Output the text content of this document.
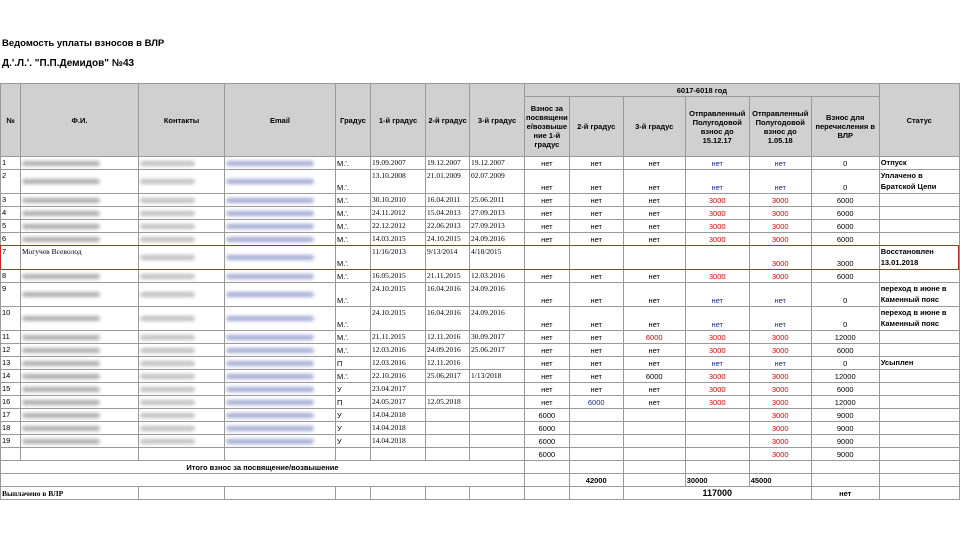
Ведомость уплаты взносов в ВЛР
Д.'.Л.'. "П.П.Демидов" №43
№	Ф.И.	Контакты	Email	Градус	1-й градус	2-й градус	3-й градус	6017-6018 год						Статус
								Взнос за посвящени е/возвыше ние 1-й градус	2-й градус	3-й градус	Отправленный Полугодовой взнос до 15.12.17	Отправленный Полугодовой взнос до 1.05.18	Взнос для перечисления в ВЛР	
1				М.'.	19.09.2007	19.12.2007	19.12.2007	нет	нет	нет	нет	нет	0	Отпуск
2				М.'.	13.10.2008	21.01.2009	02.07.2009	нет	нет	нет	нет	нет	0	Уплачено в Братской Цепи
3				М.'.	30.10.2010	16.04.2011	25.06.2011	нет	нет	нет	3000	3000	6000	
4				М.'.	24.11.2012	15.04.2013	27.09.2013	нет	нет	нет	3000	3000	6000	
5				М.'.	22.12.2012	22.06.2013	27.09.2013	нет	нет	нет	3000	3000	6000	
6				М.'.	14.03.2015	24.10.2015	24.09.2016	нет	нет	нет	3000	3000	6000	
7	Могучев Всеволод			М.'.	11/16/2013	9/13/2014	4/18/2015					3000	3000	Восстановлен 13.01.2018
8				М.'.	16.05.2015	21.11.2015	12.03.2016	нет	нет	нет	3000	3000	6000	
9				М.'.	24.10.2015	16.04.2016	24.09.2016	нет	нет	нет	нет	нет	0	переход в июне в Каменный пояс
10				М.'.	24.10.2015	16.04.2016	24.09.2016	нет	нет	нет	нет	нет	0	переход в июне в Каменный пояс
11				М.'.	21.11.2015	12.11.2016	30.09.2017	нет	нет	6000	3000	3000	12000	
12				М.'.	12.03.2016	24.09.2016	25.06.2017	нет	нет	нет	3000	3000	6000	
13				П	12.03.2016	12.11.2016		нет	нет	нет	нет	нет	0	Усыплен
14				М.'.	22.10.2016	25.06.2017	1/13/2018	нет	нет	6000	3000	3000	12000	
15				У	23.04.2017			нет	нет	нет	3000	3000	6000	
16				П	24.05.2017	12.05.2018		нет	6000	нет	3000	3000	12000	
17				У	14.04.2018			6000				3000	9000	
18				У	14.04.2018			6000				3000	9000	
19				У	14.04.2018			6000				3000	9000	
								6000				3000	9000	
Итого взнос за посвящение/возвышение														
									42000		30000	45000		
Выплачено в ВЛР										117000			нет	
